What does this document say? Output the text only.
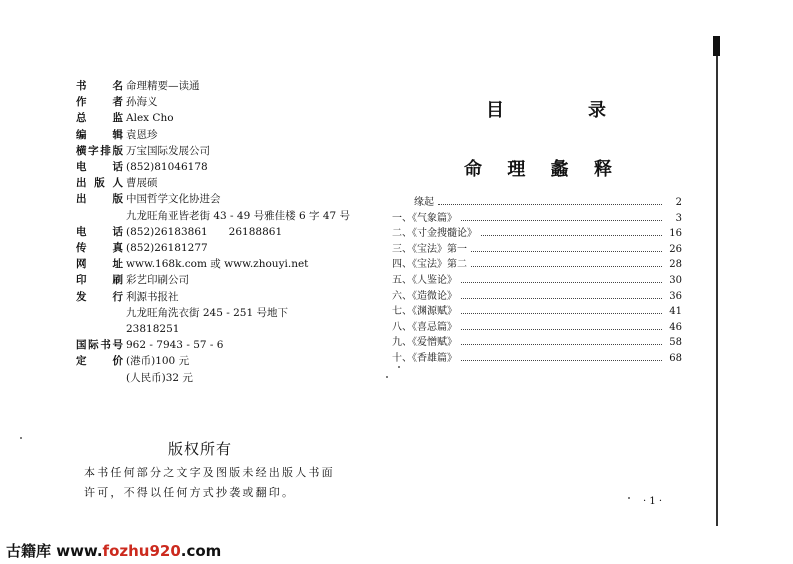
书　名 命理精要—读通
作　者 孙海义
总　监 Alex Cho
编　辑 袁恩珍
横字排版 万宝国际发展公司
电　话 (852)81046178
出版人 曹展硕
出　版 中国哲学文化协进会
九龙旺角亚皆老街 43 - 49 号雅佳楼 6 字 47 号
电　话 (852)26183861　　26188861
传　真 (852)26181277
网　址 www.168k.com 或 www.zhouyi.net
印　刷 彩艺印刷公司
发　行 利源书报社
九龙旺角洗衣街 245 - 251 号地下
23818251
国际书号 962 - 7943 - 57 - 6
定　价 (港币)100 元
(人民币)32 元
版权所有
本书任何部分之文字及图版未经出版人书面许可，不得以任何方式抄袭或翻印。
目	录
命 理 蠡 释
缘起	2
一、《气象篇》	3
二、《寸金搜髓论》	16
三、《宝法》第一	26
四、《宝法》第二	28
五、《人鉴论》	30
六、《造微论》	36
七、《渊源赋》	41
八、《喜忌篇》	46
九、《爱憎赋》	58
十、《香雄篇》	68
· 1 ·
古籍库 www.fozhu920.com
